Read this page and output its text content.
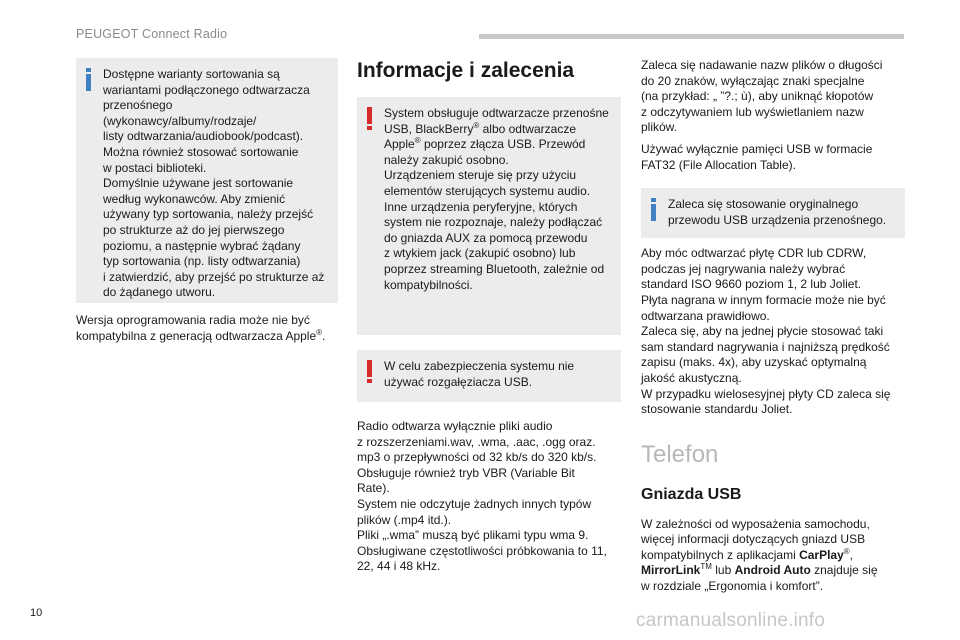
PEUGEOT Connect Radio

Dostępne warianty sortowania są
wariantami podłączonego odtwarzacza
przenośnego (wykonawcy/albumy/rodzaje/
listy odtwarzania/audiobook/podcast).
Można również stosować sortowanie
w postaci biblioteki.
Domyślnie używane jest sortowanie
według wykonawców. Aby zmienić
używany typ sortowania, należy przejść
po strukturze aż do jej pierwszego
poziomu, a następnie wybrać żądany
typ sortowania (np. listy odtwarzania)
i zatwierdzić, aby przejść po strukturze aż
do żądanego utworu.

Wersja oprogramowania radia może nie być
kompatybilna z generacją odtwarzacza Apple®.

Informacje i zalecenia

System obsługuje odtwarzacze przenośne
USB, BlackBerry® albo odtwarzacze
Apple® poprzez złącza USB. Przewód
należy zakupić osobno.
Urządzeniem steruje się przy użyciu
elementów sterujących systemu audio.
Inne urządzenia peryferyjne, których
system nie rozpoznaje, należy podłączać
do gniazda AUX za pomocą przewodu
z wtykiem jack (zakupić osobno) lub
poprzez streaming Bluetooth, zależnie od
kompatybilności.

W celu zabezpieczenia systemu nie
używać rozgałęziacza USB.

Radio odtwarza wyłącznie pliki audio
z rozszerzeniami.wav, .wma, .aac, .ogg oraz.
mp3 o przepływności od 32 kb/s do 320 kb/s.
Obsługuje również tryb VBR (Variable Bit
Rate).
System nie odczytuje żadnych innych typów
plików (.mp4 itd.).
Pliki „.wma” muszą być plikami typu wma 9.
Obsługiwane częstotliwości próbkowania to 11,
22, 44 i 48 kHz.

Zaleca się nadawanie nazw plików o długości
do 20 znaków, wyłączając znaki specjalne
(na przykład: „ ”?.; ù), aby uniknąć kłopotów
z odczytywaniem lub wyświetlaniem nazw
plików.

Używać wyłącznie pamięci USB w formacie
FAT32 (File Allocation Table).

Zaleca się stosowanie oryginalnego
przewodu USB urządzenia przenośnego.

Aby móc odtwarzać płytę CDR lub CDRW,
podczas jej nagrywania należy wybrać
standard ISO 9660 poziom 1, 2 lub Joliet.
Płyta nagrana w innym formacie może nie być
odtwarzana prawidłowo.
Zaleca się, aby na jednej płycie stosować taki
sam standard nagrywania i najniższą prędkość
zapisu (maks. 4x), aby uzyskać optymalną
jakość akustyczną.
W przypadku wielosesyjnej płyty CD zaleca się
stosowanie standardu Joliet.

Telefon
Gniazda USB

W zależności od wyposażenia samochodu,
więcej informacji dotyczących gniazd USB
kompatybilnych z aplikacjami CarPlay®,
MirrorLink™ lub Android Auto znajduje się
w rozdziale „Ergonomia i komfort”.

10	carmanualsonline.info
